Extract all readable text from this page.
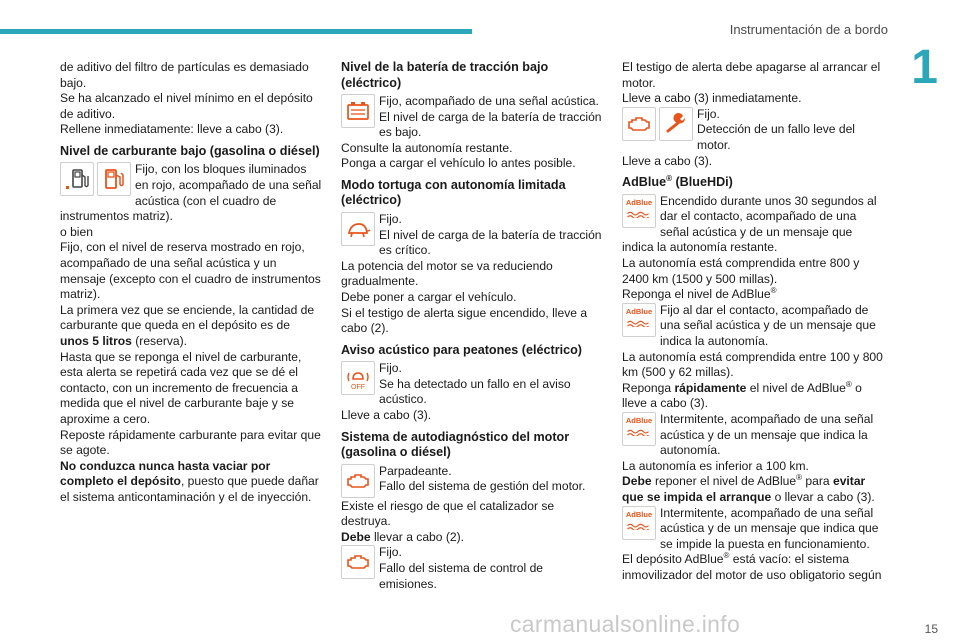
Instrumentación de a bordo
1

de aditivo del filtro de partículas es demasiado bajo.

Se ha alcanzado el nivel mínimo en el depósito de aditivo.

Rellene inmediatamente: lleve a cabo (3).

Nivel de carburante bajo (gasolina o diésel)

Fijo, con los bloques iluminados en rojo, acompañado de una señal acústica (con el cuadro de instrumentos matriz).

o bien

Fijo, con el nivel de reserva mostrado en rojo, acompañado de una señal acústica y un mensaje (excepto con el cuadro de instrumentos matriz).

La primera vez que se enciende, la cantidad de carburante que queda en el depósito es de unos 5 litros (reserva).

Hasta que se reponga el nivel de carburante, esta alerta se repetirá cada vez que se dé el contacto, con un incremento de frecuencia a medida que el nivel de carburante baje y se aproxime a cero.

Reposte rápidamente carburante para evitar que se agote.

No conduzca nunca hasta vaciar por completo el depósito, puesto que puede dañar el sistema anticontaminación y el de inyección.

Nivel de la batería de tracción bajo (eléctrico)

Fijo, acompañado de una señal acústica.

El nivel de carga de la batería de tracción es bajo.

Consulte la autonomía restante.

Ponga a cargar el vehículo lo antes posible.

Modo tortuga con autonomía limitada (eléctrico)

Fijo.

El nivel de carga de la batería de tracción es crítico.

La potencia del motor se va reduciendo gradualmente.

Debe poner a cargar el vehículo.

Si el testigo de alerta sigue encendido, lleve a cabo (2).

Aviso acústico para peatones (eléctrico)
OFF

Fijo.

Se ha detectado un fallo en el aviso acústico.

Lleve a cabo (3).

Sistema de autodiagnóstico del motor (gasolina o diésel)

Parpadeante.

Fallo del sistema de gestión del motor.

Existe el riesgo de que el catalizador se destruya.

Debe llevar a cabo (2).

Fijo.

Fallo del sistema de control de emisiones.

El testigo de alerta debe apagarse al arrancar el motor.

Lleve a cabo (3) inmediatamente.

Fijo.

Detección de un fallo leve del motor.

Lleve a cabo (3).

AdBlue® (BlueHDi)
AdBlue Encendido durante unos 30 segundos al dar el contacto, acompañado de una señal acústica y de un mensaje que indica la autonomía restante.

La autonomía está comprendida entre 800 y 2400 km (1500 y 500 millas).

Reponga el nivel de AdBlue®

AdBlue Fijo al dar el contacto, acompañado de una señal acústica y de un mensaje que indica la autonomía.

La autonomía está comprendida entre 100 y 800 km (500 y 62 millas).

Reponga rápidamente el nivel de AdBlue® o lleve a cabo (3).

AdBlue Intermitente, acompañado de una señal acústica y de un mensaje que indica la autonomía.

La autonomía es inferior a 100 km.

Debe reponer el nivel de AdBlue® para evitar que se impida el arranque o llevar a cabo (3).

AdBlue Intermitente, acompañado de una señal acústica y de un mensaje que indica que se impide la puesta en funcionamiento.

El depósito AdBlue® está vacío: el sistema inmovilizador del motor de uso obligatorio según

carmanualsonline.info	15
